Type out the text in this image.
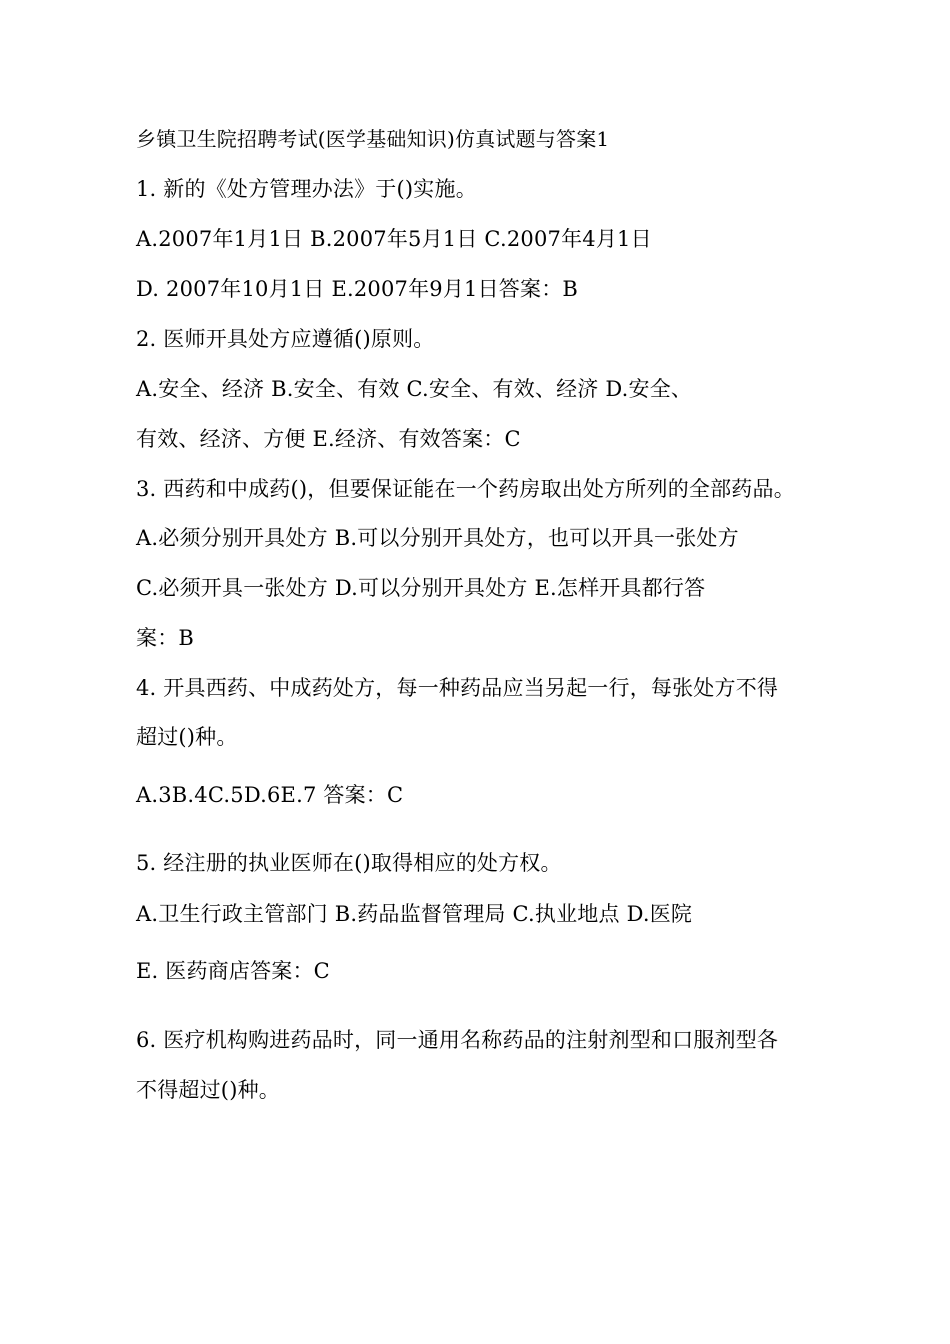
乡镇卫生院招聘考试(医学基础知识)仿真试题与答案1
1. 新的《处方管理办法》于()实施。
A.2007年1月1日 B.2007年5月1日 C.2007年4月1日
D. 2007年10月1日 E.2007年9月1日答案：B
2. 医师开具处方应遵循()原则。
A.安全、经济 B.安全、有效 C.安全、有效、经济 D.安全、
有效、经济、方便 E.经济、有效答案：C
3. 西药和中成药()，但要保证能在一个药房取出处方所列的全部药品。
A.必须分别开具处方 B.可以分别开具处方，也可以开具一张处方
C.必须开具一张处方 D.可以分别开具处方 E.怎样开具都行答
案：B
4. 开具西药、中成药处方，每一种药品应当另起一行，每张处方不得
超过()种。
A.3B.4C.5D.6E.7 答案：C
5. 经注册的执业医师在()取得相应的处方权。
A.卫生行政主管部门 B.药品监督管理局 C.执业地点 D.医院
E. 医药商店答案：C
6. 医疗机构购进药品时，同一通用名称药品的注射剂型和口服剂型各
不得超过()种。
